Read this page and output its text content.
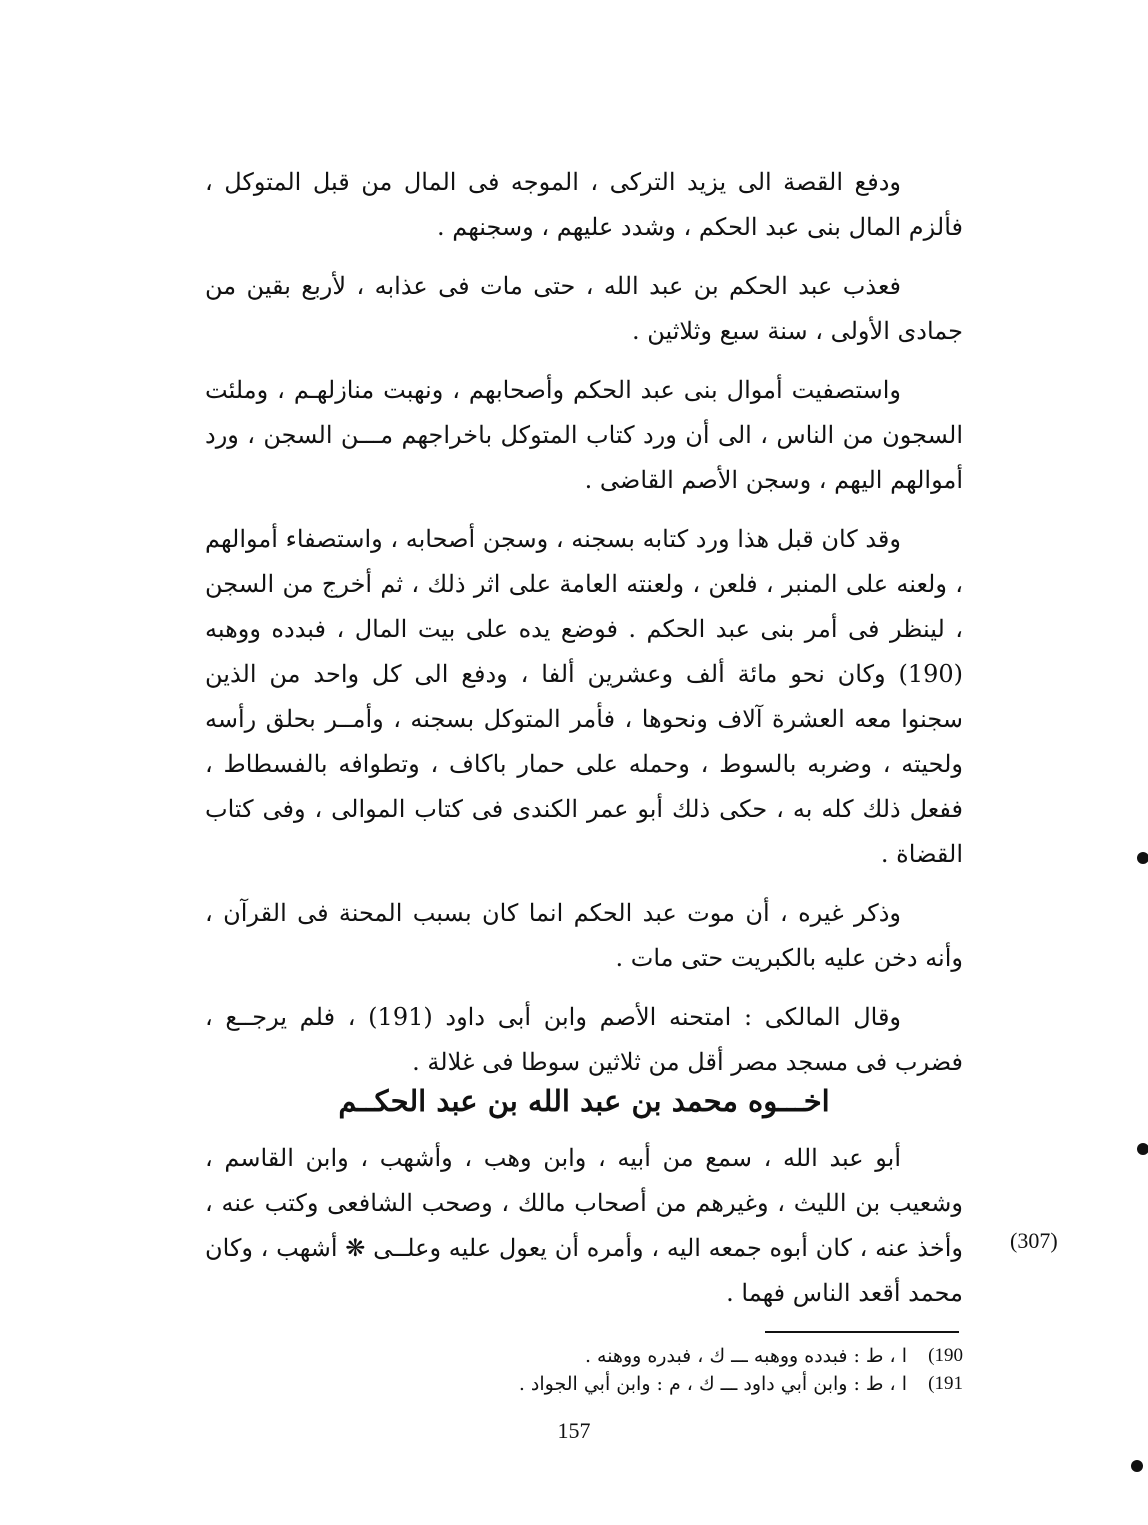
ودفع القصة الى يزيد التركى ، الموجه فى المال من قبل المتوكل ، فألزم المال بنى عبد الحكم ، وشدد عليهم ، وسجنهم .

فعذب عبد الحكم بن عبد الله ، حتى مات فى عذابه ، لأربع بقين من جمادى الأولى ، سنة سبع وثلاثين .

واستصفيت أموال بنى عبد الحكم وأصحابهم ، ونهبت منازلهـم ، وملئت السجون من الناس ، الى أن ورد كتاب المتوكل باخراجهم مـــن السجن ، ورد أموالهم اليهم ، وسجن الأصم القاضى .

وقد كان قبل هذا ورد كتابه بسجنه ، وسجن أصحابه ، واستصفاء أموالهم ، ولعنه على المنبر ، فلعن ، ولعنته العامة على اثر ذلك ، ثم أخرج من السجن ، لينظر فى أمر بنى عبد الحكم . فوضع يده على بيت المال ، فبدده ووهبه (190) وكان نحو مائة ألف وعشرين ألفا ، ودفع الى كل واحد من الذين سجنوا معه العشرة آلاف ونحوها ، فأمر المتوكل بسجنه ، وأمــر بحلق رأسه ولحيته ، وضربه بالسوط ، وحمله على حمار باكاف ، وتطوافه بالفسطاط ، ففعل ذلك كله به ، حكى ذلك أبو عمر الكندى فى كتاب الموالى ، وفى كتاب القضاة .

وذكر غيره ، أن موت عبد الحكم انما كان بسبب المحنة فى القرآن ، وأنه دخن عليه بالكبريت حتى مات .

وقال المالكى : امتحنه الأصم وابن أبى داود (191) ، فلم يرجــع ، فضرب فى مسجد مصر أقل من ثلاثين سوطا فى غلالة .

اخـــوه محمد بن عبد الله بن عبد الحكــم

أبو عبد الله ، سمع من أبيه ، وابن وهب ، وأشهب ، وابن القاسم ، وشعيب بن الليث ، وغيرهم من أصحاب مالك ، وصحب الشافعى وكتب عنه ، وأخذ عنه ، كان أبوه جمعه اليه ، وأمره أن يعول عليه وعلــى ❋ أشهب ، وكان محمد أقعد الناس فهما .

(307)
(190
ا ، ط : فبدده ووهبه ـــ ك ، فبدره ووهنه .
(191
ا ، ط : وابن أبي داود ـــ ك ، م : وابن أبي الجواد .
157
